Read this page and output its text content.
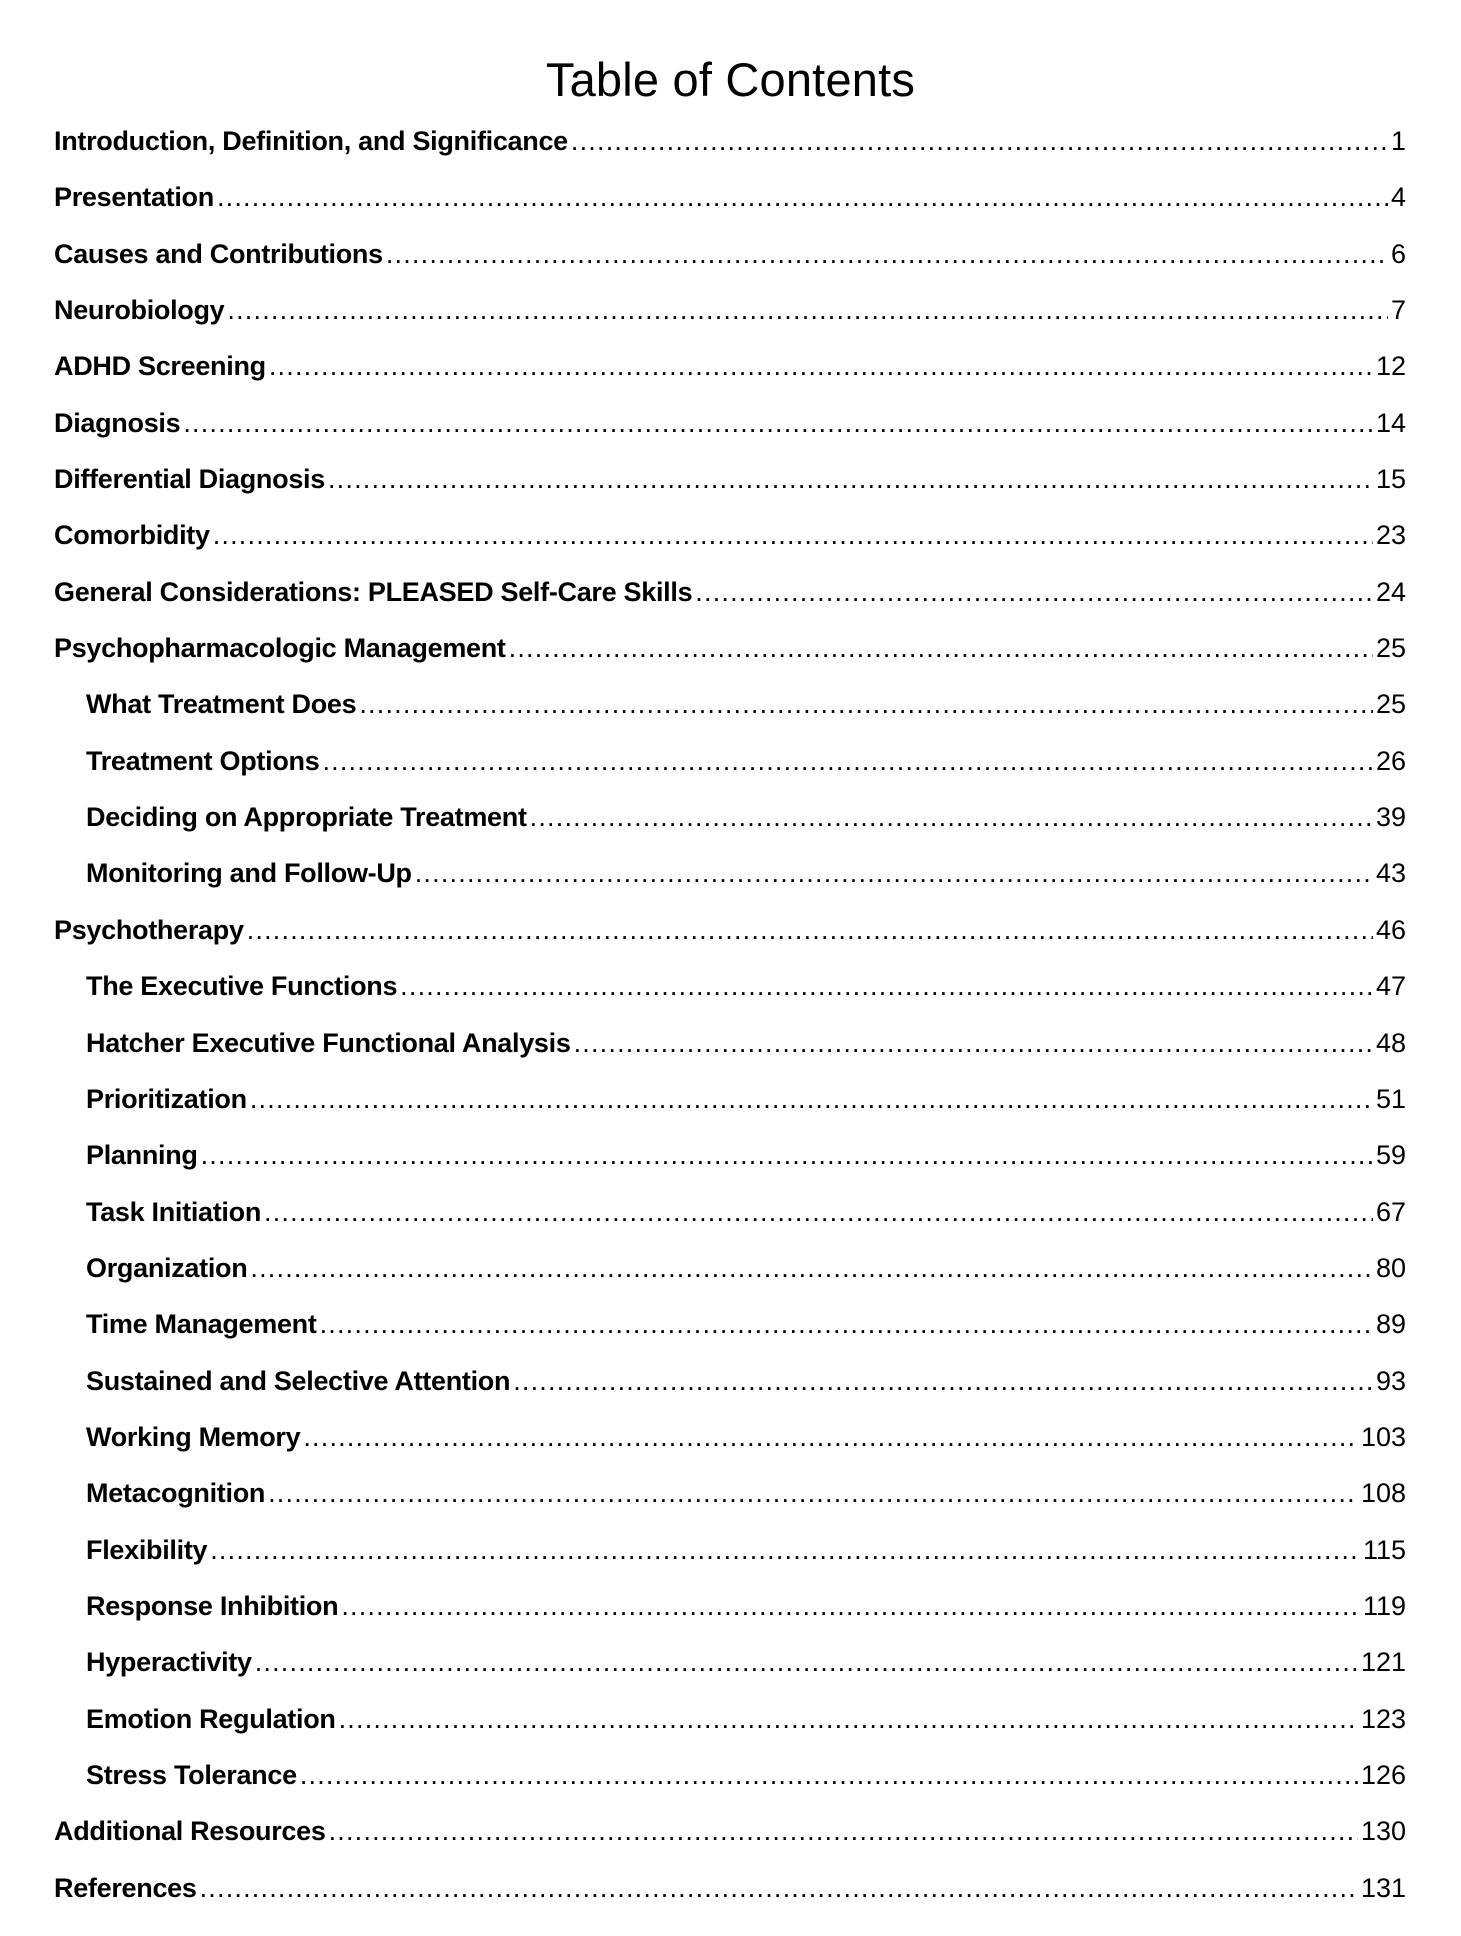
Table of Contents
Introduction, Definition, and Significance .....	1
Presentation .....	4
Causes and Contributions .....	6
Neurobiology .....	7
ADHD Screening .....	12
Diagnosis .....	14
Differential Diagnosis .....	15
Comorbidity .....	23
General Considerations: PLEASED Self-Care Skills .....	24
Psychopharmacologic Management .....	25
What Treatment Does .....	25
Treatment Options .....	26
Deciding on Appropriate Treatment .....	39
Monitoring and Follow-Up .....	43
Psychotherapy .....	46
The Executive Functions .....	47
Hatcher Executive Functional Analysis .....	48
Prioritization .....	51
Planning .....	59
Task Initiation .....	67
Organization .....	80
Time Management .....	89
Sustained and Selective Attention .....	93
Working Memory .....	103
Metacognition .....	108
Flexibility .....	115
Response Inhibition .....	119
Hyperactivity .....	121
Emotion Regulation .....	123
Stress Tolerance .....	126
Additional Resources .....	130
References .....	131
